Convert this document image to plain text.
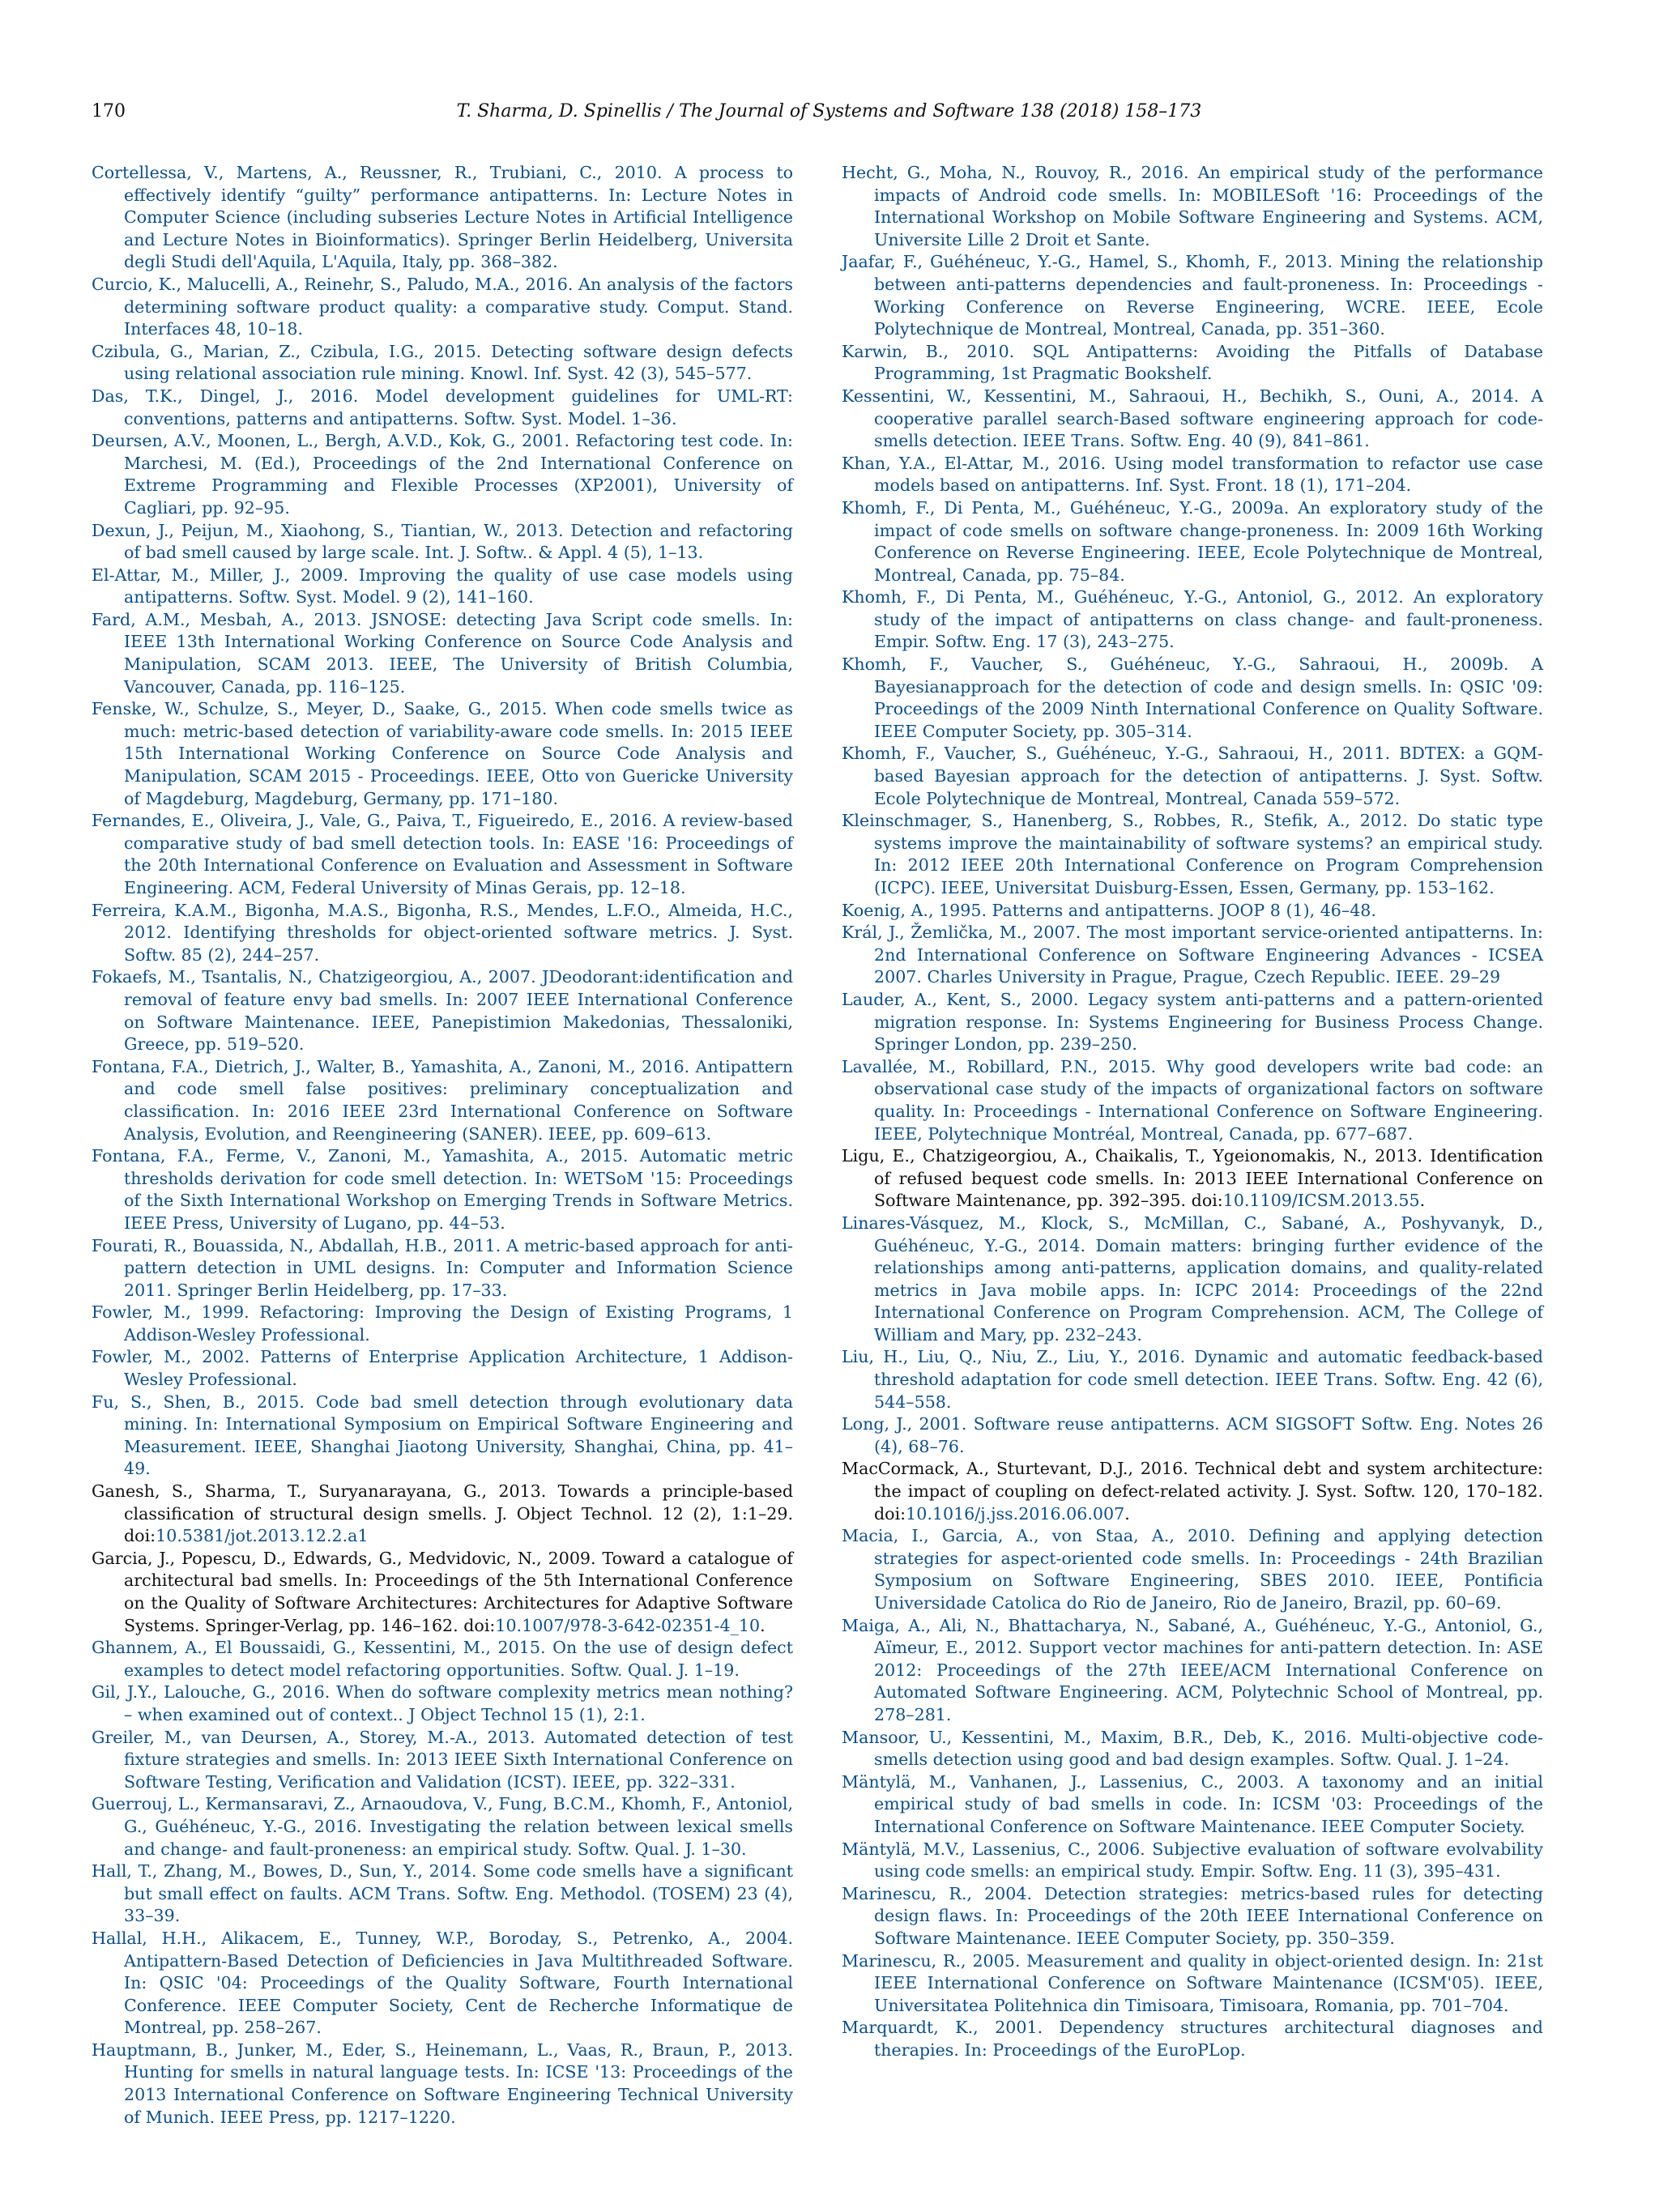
170	T. Sharma, D. Spinellis / The Journal of Systems and Software 138 (2018) 158–173

Cortellessa, V., Martens, A., Reussner, R., Trubiani, C., 2010. A process to effectively identify “guilty” performance antipatterns. In: Lecture Notes in Computer Science (including subseries Lecture Notes in Artificial Intelligence and Lecture Notes in Bioinformatics). Springer Berlin Heidelberg, Universita degli Studi dell'Aquila, L'Aquila, Italy, pp. 368–382.

Curcio, K., Malucelli, A., Reinehr, S., Paludo, M.A., 2016. An analysis of the factors determining software product quality: a comparative study. Comput. Stand. Interfaces 48, 10–18.

Czibula, G., Marian, Z., Czibula, I.G., 2015. Detecting software design defects using relational association rule mining. Knowl. Inf. Syst. 42 (3), 545–577.

Das, T.K., Dingel, J., 2016. Model development guidelines for UML-RT: conventions, patterns and antipatterns. Softw. Syst. Model. 1–36.

Deursen, A.V., Moonen, L., Bergh, A.V.D., Kok, G., 2001. Refactoring test code. In: Marchesi, M. (Ed.), Proceedings of the 2nd International Conference on Extreme Programming and Flexible Processes (XP2001), University of Cagliari, pp. 92–95.

Dexun, J., Peijun, M., Xiaohong, S., Tiantian, W., 2013. Detection and refactoring of bad smell caused by large scale. Int. J. Softw.. & Appl. 4 (5), 1–13.

El-Attar, M., Miller, J., 2009. Improving the quality of use case models using antipatterns. Softw. Syst. Model. 9 (2), 141–160.

Fard, A.M., Mesbah, A., 2013. JSNOSE: detecting Java Script code smells. In: IEEE 13th International Working Conference on Source Code Analysis and Manipulation, SCAM 2013. IEEE, The University of British Columbia, Vancouver, Canada, pp. 116–125.

Fenske, W., Schulze, S., Meyer, D., Saake, G., 2015. When code smells twice as much: metric-based detection of variability-aware code smells. In: 2015 IEEE 15th International Working Conference on Source Code Analysis and Manipulation, SCAM 2015 - Proceedings. IEEE, Otto von Guericke University of Magdeburg, Magdeburg, Germany, pp. 171–180.

Fernandes, E., Oliveira, J., Vale, G., Paiva, T., Figueiredo, E., 2016. A review-based comparative study of bad smell detection tools. In: EASE '16: Proceedings of the 20th International Conference on Evaluation and Assessment in Software Engineering. ACM, Federal University of Minas Gerais, pp. 12–18.

Ferreira, K.A.M., Bigonha, M.A.S., Bigonha, R.S., Mendes, L.F.O., Almeida, H.C., 2012. Identifying thresholds for object-oriented software metrics. J. Syst. Softw. 85 (2), 244–257.

Fokaefs, M., Tsantalis, N., Chatzigeorgiou, A., 2007. JDeodorant:identification and removal of feature envy bad smells. In: 2007 IEEE International Conference on Software Maintenance. IEEE, Panepistimion Makedonias, Thessaloniki, Greece, pp. 519–520.

Fontana, F.A., Dietrich, J., Walter, B., Yamashita, A., Zanoni, M., 2016. Antipattern and code smell false positives: preliminary conceptualization and classification. In: 2016 IEEE 23rd International Conference on Software Analysis, Evolution, and Reengineering (SANER). IEEE, pp. 609–613.

Fontana, F.A., Ferme, V., Zanoni, M., Yamashita, A., 2015. Automatic metric thresholds derivation for code smell detection. In: WETSoM '15: Proceedings of the Sixth International Workshop on Emerging Trends in Software Metrics. IEEE Press, University of Lugano, pp. 44–53.

Fourati, R., Bouassida, N., Abdallah, H.B., 2011. A metric-based approach for anti-pattern detection in UML designs. In: Computer and Information Science 2011. Springer Berlin Heidelberg, pp. 17–33.

Fowler, M., 1999. Refactoring: Improving the Design of Existing Programs, 1 Addison-Wesley Professional.

Fowler, M., 2002. Patterns of Enterprise Application Architecture, 1 Addison-Wesley Professional.

Fu, S., Shen, B., 2015. Code bad smell detection through evolutionary data mining. In: International Symposium on Empirical Software Engineering and Measurement. IEEE, Shanghai Jiaotong University, Shanghai, China, pp. 41–49.

Ganesh, S., Sharma, T., Suryanarayana, G., 2013. Towards a principle-based classification of structural design smells. J. Object Technol. 12 (2), 1:1–29. doi:10.5381/jot.2013.12.2.a1

Garcia, J., Popescu, D., Edwards, G., Medvidovic, N., 2009. Toward a catalogue of architectural bad smells. In: Proceedings of the 5th International Conference on the Quality of Software Architectures: Architectures for Adaptive Software Systems. Springer-Verlag, pp. 146–162. doi:10.1007/978-3-642-02351-4_10.

Ghannem, A., El Boussaidi, G., Kessentini, M., 2015. On the use of design defect examples to detect model refactoring opportunities. Softw. Qual. J. 1–19.

Gil, J.Y., Lalouche, G., 2016. When do software complexity metrics mean nothing? – when examined out of context.. J Object Technol 15 (1), 2:1.

Greiler, M., van Deursen, A., Storey, M.-A., 2013. Automated detection of test fixture strategies and smells. In: 2013 IEEE Sixth International Conference on Software Testing, Verification and Validation (ICST). IEEE, pp. 322–331.

Guerrouj, L., Kermansaravi, Z., Arnaoudova, V., Fung, B.C.M., Khomh, F., Antoniol, G., Guéhéneuc, Y.-G., 2016. Investigating the relation between lexical smells and change- and fault-proneness: an empirical study. Softw. Qual. J. 1–30.

Hall, T., Zhang, M., Bowes, D., Sun, Y., 2014. Some code smells have a significant but small effect on faults. ACM Trans. Softw. Eng. Methodol. (TOSEM) 23 (4), 33–39.

Hallal, H.H., Alikacem, E., Tunney, W.P., Boroday, S., Petrenko, A., 2004. Antipattern-Based Detection of Deficiencies in Java Multithreaded Software. In: QSIC '04: Proceedings of the Quality Software, Fourth International Conference. IEEE Computer Society, Cent de Recherche Informatique de Montreal, pp. 258–267.

Hauptmann, B., Junker, M., Eder, S., Heinemann, L., Vaas, R., Braun, P., 2013. Hunting for smells in natural language tests. In: ICSE '13: Proceedings of the 2013 International Conference on Software Engineering Technical University of Munich. IEEE Press, pp. 1217–1220.

Hecht, G., Moha, N., Rouvoy, R., 2016. An empirical study of the performance impacts of Android code smells. In: MOBILESoft '16: Proceedings of the International Workshop on Mobile Software Engineering and Systems. ACM, Universite Lille 2 Droit et Sante.

Jaafar, F., Guéhéneuc, Y.-G., Hamel, S., Khomh, F., 2013. Mining the relationship between anti-patterns dependencies and fault-proneness. In: Proceedings - Working Conference on Reverse Engineering, WCRE. IEEE, Ecole Polytechnique de Montreal, Montreal, Canada, pp. 351–360.

Karwin, B., 2010. SQL Antipatterns: Avoiding the Pitfalls of Database Programming, 1st Pragmatic Bookshelf.

Kessentini, W., Kessentini, M., Sahraoui, H., Bechikh, S., Ouni, A., 2014. A cooperative parallel search-Based software engineering approach for code-smells detection. IEEE Trans. Softw. Eng. 40 (9), 841–861.

Khan, Y.A., El-Attar, M., 2016. Using model transformation to refactor use case models based on antipatterns. Inf. Syst. Front. 18 (1), 171–204.

Khomh, F., Di Penta, M., Guéhéneuc, Y.-G., 2009a. An exploratory study of the impact of code smells on software change-proneness. In: 2009 16th Working Conference on Reverse Engineering. IEEE, Ecole Polytechnique de Montreal, Montreal, Canada, pp. 75–84.

Khomh, F., Di Penta, M., Guéhéneuc, Y.-G., Antoniol, G., 2012. An exploratory study of the impact of antipatterns on class change- and fault-proneness. Empir. Softw. Eng. 17 (3), 243–275.

Khomh, F., Vaucher, S., Guéhéneuc, Y.-G., Sahraoui, H., 2009b. A Bayesianapproach for the detection of code and design smells. In: QSIC '09: Proceedings of the 2009 Ninth International Conference on Quality Software. IEEE Computer Society, pp. 305–314.

Khomh, F., Vaucher, S., Guéhéneuc, Y.-G., Sahraoui, H., 2011. BDTEX: a GQM-based Bayesian approach for the detection of antipatterns. J. Syst. Softw. Ecole Polytechnique de Montreal, Montreal, Canada 559–572.

Kleinschmager, S., Hanenberg, S., Robbes, R., Stefik, A., 2012. Do static type systems improve the maintainability of software systems? an empirical study. In: 2012 IEEE 20th International Conference on Program Comprehension (ICPC). IEEE, Universitat Duisburg-Essen, Essen, Germany, pp. 153–162.

Koenig, A., 1995. Patterns and antipatterns. JOOP 8 (1), 46–48.

Král, J., Žemlička, M., 2007. The most important service-oriented antipatterns. In: 2nd International Conference on Software Engineering Advances - ICSEA 2007. Charles University in Prague, Prague, Czech Republic. IEEE. 29–29

Lauder, A., Kent, S., 2000. Legacy system anti-patterns and a pattern-oriented migration response. In: Systems Engineering for Business Process Change. Springer London, pp. 239–250.

Lavallée, M., Robillard, P.N., 2015. Why good developers write bad code: an observational case study of the impacts of organizational factors on software quality. In: Proceedings - International Conference on Software Engineering. IEEE, Polytechnique Montréal, Montreal, Canada, pp. 677–687.

Ligu, E., Chatzigeorgiou, A., Chaikalis, T., Ygeionomakis, N., 2013. Identification of refused bequest code smells. In: 2013 IEEE International Conference on Software Maintenance, pp. 392–395. doi:10.1109/ICSM.2013.55.

Linares-Vásquez, M., Klock, S., McMillan, C., Sabané, A., Poshyvanyk, D., Guéhéneuc, Y.-G., 2014. Domain matters: bringing further evidence of the relationships among anti-patterns, application domains, and quality-related metrics in Java mobile apps. In: ICPC 2014: Proceedings of the 22nd International Conference on Program Comprehension. ACM, The College of William and Mary, pp. 232–243.

Liu, H., Liu, Q., Niu, Z., Liu, Y., 2016. Dynamic and automatic feedback-based threshold adaptation for code smell detection. IEEE Trans. Softw. Eng. 42 (6), 544–558.

Long, J., 2001. Software reuse antipatterns. ACM SIGSOFT Softw. Eng. Notes 26 (4), 68–76.

MacCormack, A., Sturtevant, D.J., 2016. Technical debt and system architecture: the impact of coupling on defect-related activity. J. Syst. Softw. 120, 170–182. doi:10.1016/j.jss.2016.06.007.

Macia, I., Garcia, A., von Staa, A., 2010. Defining and applying detection strategies for aspect-oriented code smells. In: Proceedings - 24th Brazilian Symposium on Software Engineering, SBES 2010. IEEE, Pontificia Universidade Catolica do Rio de Janeiro, Rio de Janeiro, Brazil, pp. 60–69.

Maiga, A., Ali, N., Bhattacharya, N., Sabané, A., Guéhéneuc, Y.-G., Antoniol, G., Aïmeur, E., 2012. Support vector machines for anti-pattern detection. In: ASE 2012: Proceedings of the 27th IEEE/ACM International Conference on Automated Software Engineering. ACM, Polytechnic School of Montreal, pp. 278–281.

Mansoor, U., Kessentini, M., Maxim, B.R., Deb, K., 2016. Multi-objective code-smells detection using good and bad design examples. Softw. Qual. J. 1–24.

Mäntylä, M., Vanhanen, J., Lassenius, C., 2003. A taxonomy and an initial empirical study of bad smells in code. In: ICSM '03: Proceedings of the International Conference on Software Maintenance. IEEE Computer Society.

Mäntylä, M.V., Lassenius, C., 2006. Subjective evaluation of software evolvability using code smells: an empirical study. Empir. Softw. Eng. 11 (3), 395–431.

Marinescu, R., 2004. Detection strategies: metrics-based rules for detecting design flaws. In: Proceedings of the 20th IEEE International Conference on Software Maintenance. IEEE Computer Society, pp. 350–359.

Marinescu, R., 2005. Measurement and quality in object-oriented design. In: 21st IEEE International Conference on Software Maintenance (ICSM'05). IEEE, Universitatea Politehnica din Timisoara, Timisoara, Romania, pp. 701–704.

Marquardt, K., 2001. Dependency structures architectural diagnoses and therapies. In: Proceedings of the EuroPLop.
